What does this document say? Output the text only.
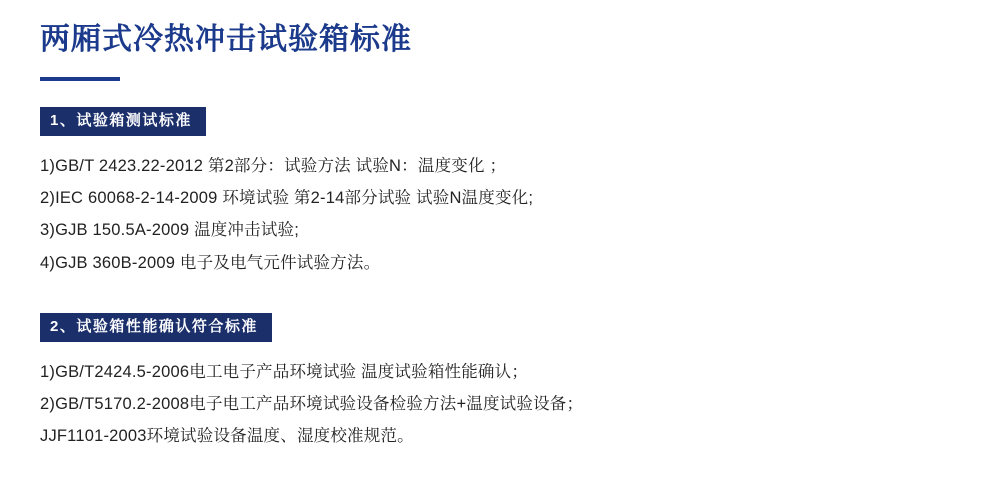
两厢式冷热冲击试验箱标准
1、试验箱测试标准
1)GB/T 2423.22-2012 第2部分：试验方法 试验N：温度变化 ；
2)IEC 60068-2-14-2009 环境试验 第2-14部分试验 试验N温度变化;
3)GJB 150.5A-2009 温度冲击试验;
4)GJB 360B-2009 电子及电气元件试验方法。
2、试验箱性能确认符合标准
1)GB/T2424.5-2006电工电子产品环境试验 温度试验箱性能确认；
2)GB/T5170.2-2008电子电工产品环境试验设备检验方法+温度试验设备；
JJF1101-2003环境试验设备温度、湿度校准规范。
